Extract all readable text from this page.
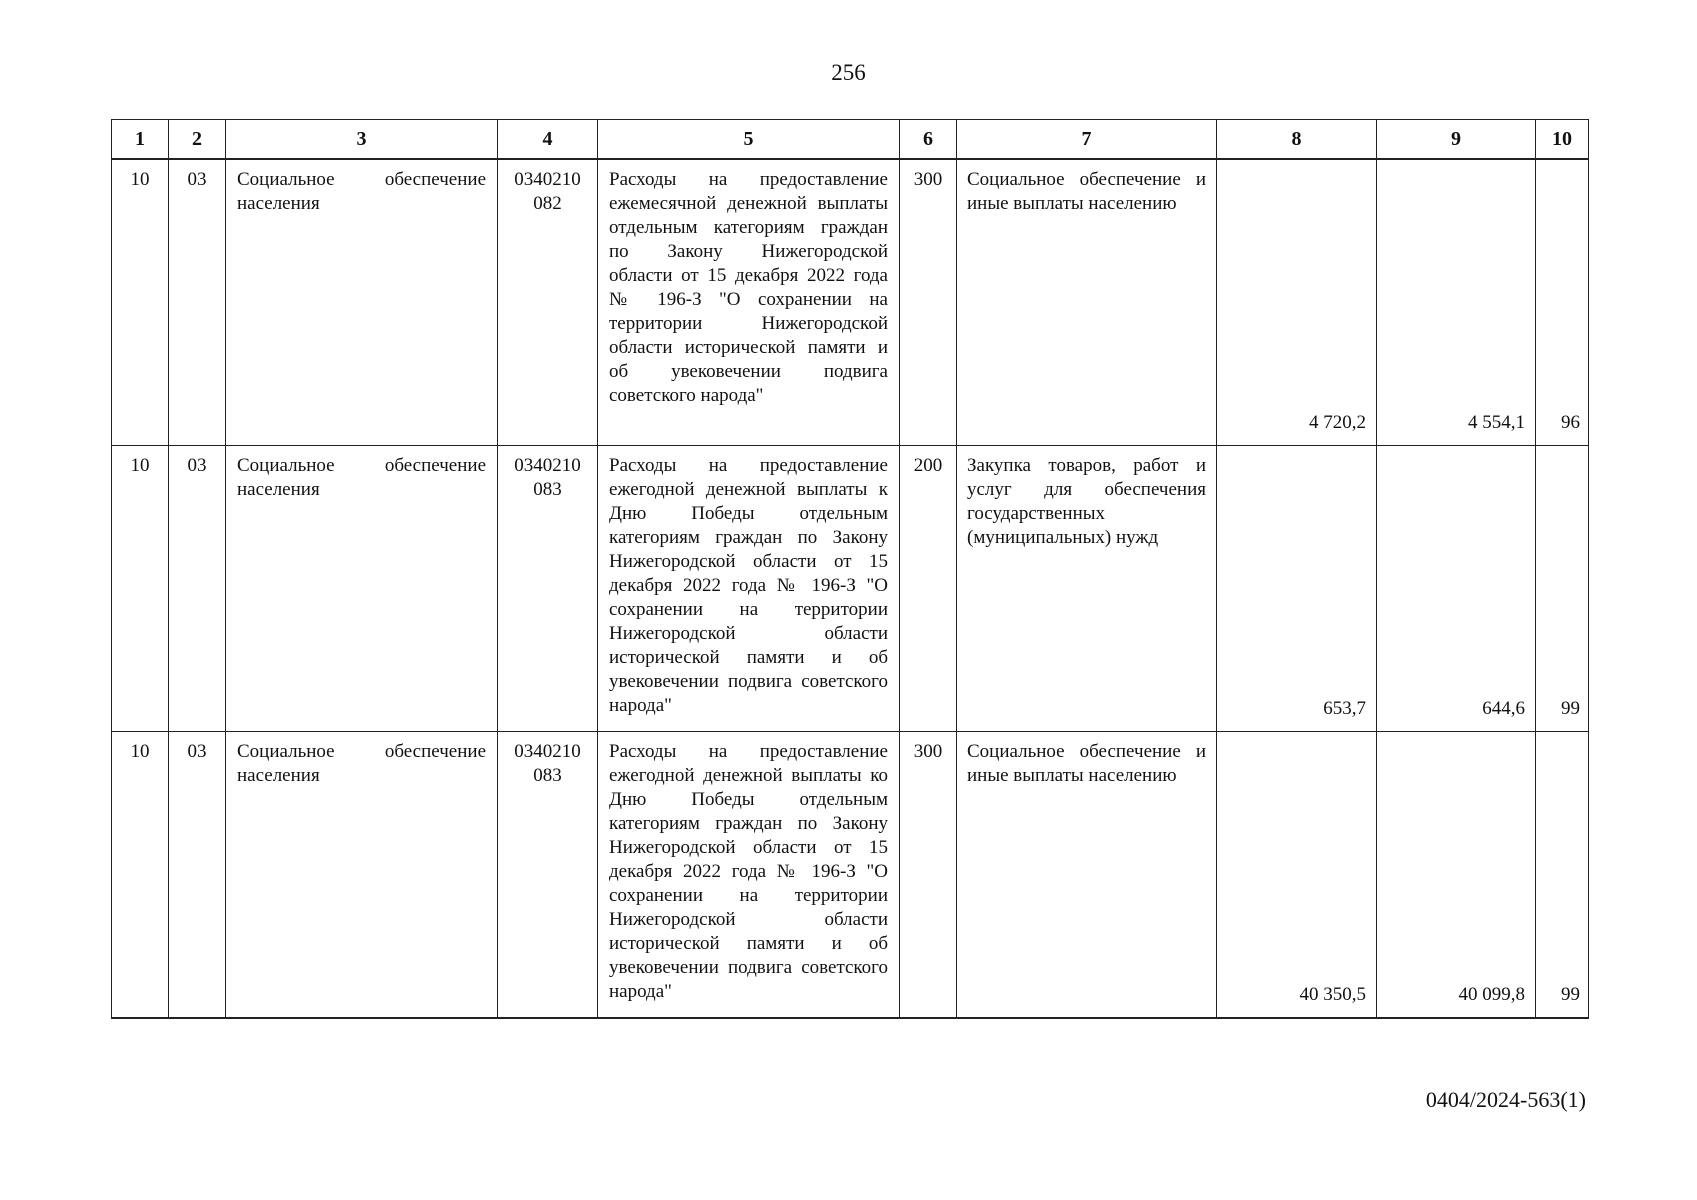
256
1	2	3	4	5	6	7	8	9	10
10	03	Социальное обеспечение населения	0340210 082	Расходы на предоставление ежемесячной денежной выплаты отдельным категориям граждан по Закону Нижегородской области от 15 декабря 2022 года № 196-З "О сохранении на территории Нижегородской области исторической памяти и об увековечении подвига советского народа"	300	Социальное обеспечение и иные выплаты населению	4 720,2	4 554,1	96
10	03	Социальное обеспечение населения	0340210 083	Расходы на предоставление ежегодной денежной выплаты к Дню Победы отдельным категориям граждан по Закону Нижегородской области от 15 декабря 2022 года № 196-З "О сохранении на территории Нижегородской области исторической памяти и об увековечении подвига советского народа"	200	Закупка товаров, работ и услуг для обеспечения государственных (муниципальных) нужд	653,7	644,6	99
10	03	Социальное обеспечение населения	0340210 083	Расходы на предоставление ежегодной денежной выплаты ко Дню Победы отдельным категориям граждан по Закону Нижегородской области от 15 декабря 2022 года № 196-З "О сохранении на территории Нижегородской области исторической памяти и об увековечении подвига советского народа"	300	Социальное обеспечение и иные выплаты населению	40 350,5	40 099,8	99
0404/2024-563(1)
